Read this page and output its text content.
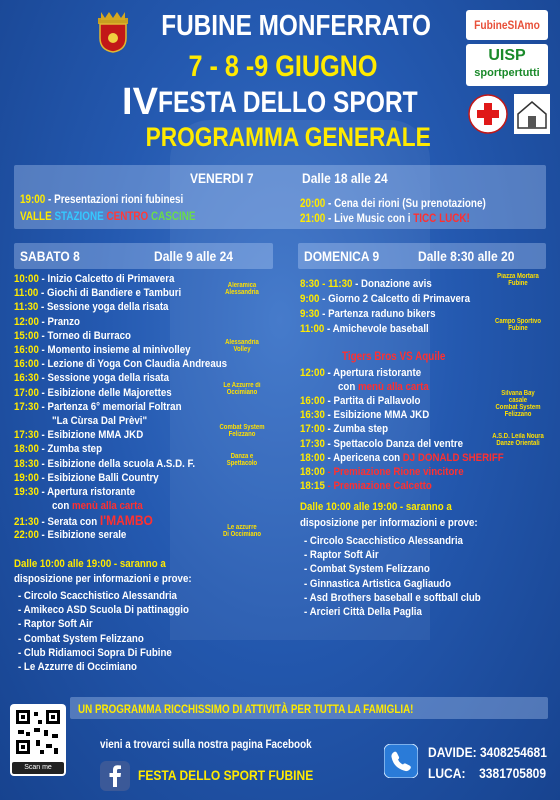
FUBINE MONFERRATO
7 - 8 -9 GIUGNO
IV FESTA DELLO SPORT
PROGRAMMA GENERALE
FubineSIAmo
UISP
sportpertutti
VENERDI 7	Dalle 18 alle 24
19:00 - Presentazioni rioni fubinesi
VALLE STAZIONE CENTRO CASCINE
20:00 - Cena dei rioni (Su prenotazione)
21:00 - Live Music con i TICC LUCK!
SABATO 8	Dalle 9 alle 24
10:00 - Inizio Calcetto di Primavera
11:00 - Giochi di Bandiere e Tamburi
Aleramica
Alessandria
11:30 - Sessione yoga della risata
12:00 - Pranzo
15:00 - Torneo di Burraco
16:00 - Momento insieme al minivolley
Alessandria
Volley
16:00 - Lezione di Yoga Con Claudia Andreaus
16:30 - Sessione yoga della risata
17:00 - Esibizione delle Majorettes
Le Azzurre di
Occimiano
17:30 - Partenza 6° memorial Foltran
"La Cùrsa Dal Prèvi"
17:30 - Esibizione MMA JKD
Combat System
Felizzano
18:00 - Zumba step
18:30 - Esibizione della scuola A.S.D. F.
Danza e
Spettacolo
19:00 - Esibizione Balli Country
19:30 - Apertura ristorante
con menù alla carta
21:30 - Serata con I'MAMBO
22:00 - Esibizione serale
Le azzurre
Di Occimiano
Dalle 10:00 alle 19:00 - saranno a
disposizione per informazioni e prove:
- Circolo Scacchistico Alessandria
- Amikeco ASD Scuola Di pattinaggio
- Raptor Soft Air
- Combat System Felizzano
- Club Ridiamoci Sopra Di Fubine
- Le Azzurre di Occimiano
DOMENICA 9	Dalle 8:30 alle 20
8:30 - 11:30 - Donazione avis
Piazza Mortara
Fubine
9:00 - Giorno 2 Calcetto di Primavera
9:30 - Partenza raduno bikers
11:00 - Amichevole baseball
Campo Sportivo
Fubine
Tigers Bros VS Aquile
12:00 - Apertura ristorante
con menù alla carta
16:00 - Partita di Pallavolo
Silvana Bay
casale
16:30 - Esibizione MMA JKD
Combat System
Felizzano
17:00 - Zumba step
17:30 - Spettacolo Danza del ventre
A.S.D. Leila Noura
Danze Orientali
18:00 - Apericena con DJ DONALD SHERIFF
18:00 - Premiazione Rione vincitore
18:15 - Premiazione Calcetto
Dalle 10:00 alle 19:00 - saranno a
disposizione per informazioni e prove:
- Circolo Scacchistico Alessandria
- Raptor Soft Air
- Combat System Felizzano
- Ginnastica Artistica Gagliaudo
- Asd Brothers baseball e softball club
- Arcieri Città Della Paglia
UN PROGRAMMA RICCHISSIMO DI ATTIVITÀ PER TUTTA LA FAMIGLIA!
Scan me
vieni a trovarci sulla nostra pagina Facebook
FESTA DELLO SPORT FUBINE
DAVIDE: 3408254681
LUCA: 3381705809
